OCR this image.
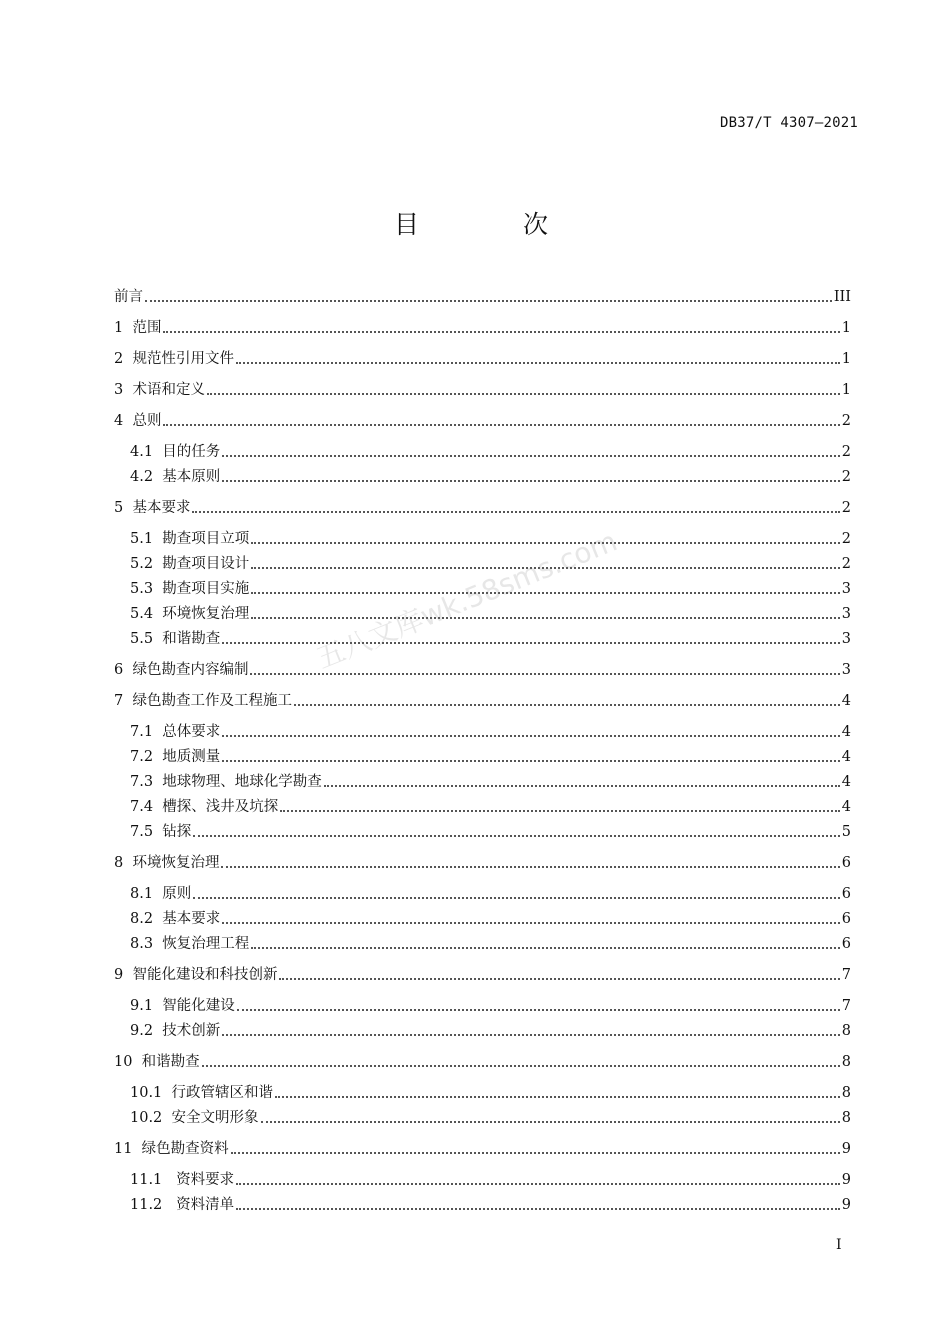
DB37/T 4307—2021
目 次
前言	III
1  范围	1
2  规范性引用文件	1
3  术语和定义	1
4  总则	2
4.1  目的任务	2
4.2  基本原则	2
5  基本要求	2
5.1  勘查项目立项	2
5.2  勘查项目设计	2
5.3  勘查项目实施	3
5.4  环境恢复治理	3
5.5  和谐勘查	3
6  绿色勘查内容编制	3
7  绿色勘查工作及工程施工	4
7.1  总体要求	4
7.2  地质测量	4
7.3  地球物理、地球化学勘查	4
7.4  槽探、浅井及坑探	4
7.5  钻探	5
8  环境恢复治理	6
8.1  原则	6
8.2  基本要求	6
8.3  恢复治理工程	6
9  智能化建设和科技创新	7
9.1  智能化建设	7
9.2  技术创新	8
10  和谐勘查	8
10.1  行政管辖区和谐	8
10.2  安全文明形象	8
11  绿色勘查资料	9
11.1   资料要求	9
11.2   资料清单	9
五八文库wk.58sms.com
I
